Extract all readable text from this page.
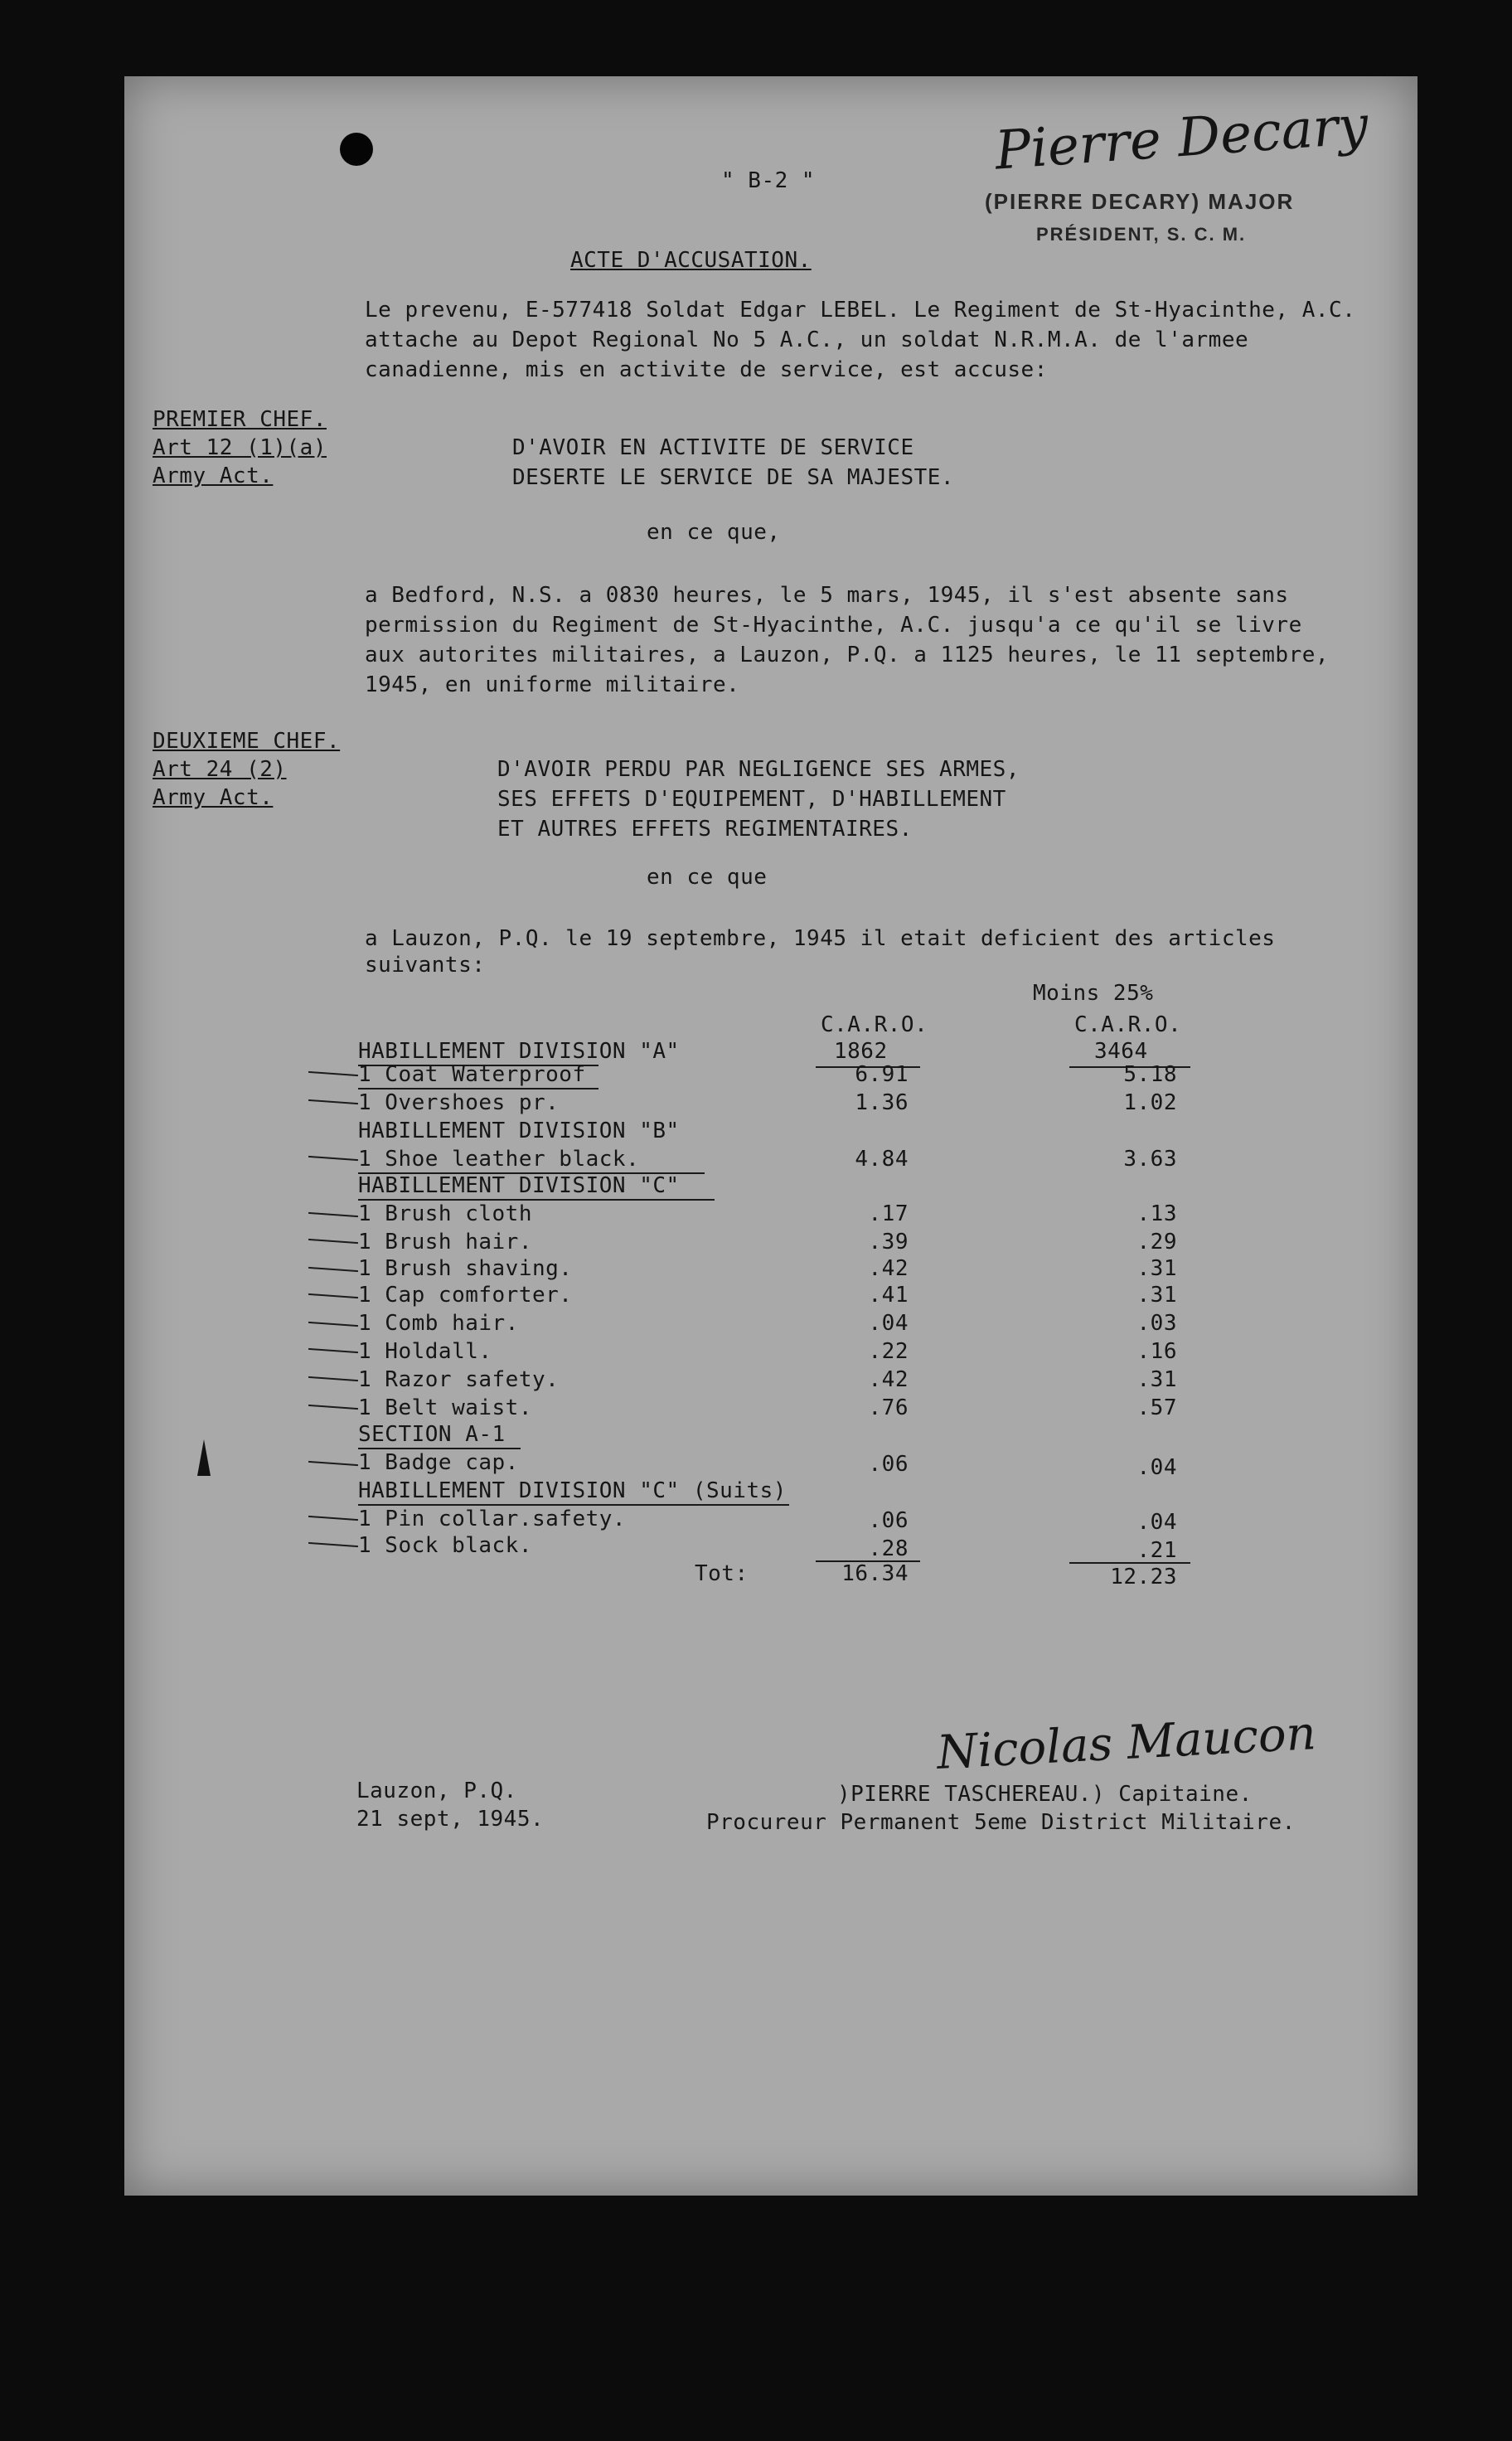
" B-2 "	Pierre Decary
(PIERRE DECARY) MAJOR
PRÉSIDENT, S. C. M.
ACTE D'ACCUSATION.
Le prevenu, E-577418 Soldat Edgar LEBEL. Le Regiment de St-Hyacinthe, A.C.
attache au Depot Regional No 5 A.C., un soldat N.R.M.A. de l'armee
canadienne, mis en activite de service, est accuse:
PREMIER CHEF.
Art 12 (1)(a)
Army Act.
D'AVOIR EN ACTIVITE DE SERVICE
DESERTE LE SERVICE DE SA MAJESTE.
en ce que,
a Bedford, N.S. a 0830 heures, le 5 mars, 1945, il s'est absente sans
permission du Regiment de St-Hyacinthe, A.C. jusqu'a ce qu'il se livre
aux autorites militaires, a Lauzon, P.Q. a 1125 heures, le 11 septembre,
1945, en uniforme militaire.
DEUXIEME CHEF.
Art 24 (2)
Army Act.
D'AVOIR PERDU PAR NEGLIGENCE SES ARMES,
SES EFFETS D'EQUIPEMENT, D'HABILLEMENT
ET AUTRES EFFETS REGIMENTAIRES.
en ce que
a Lauzon, P.Q. le 19 septembre, 1945 il etait deficient des articles
suivants:
Moins 25%
C.A.R.O.	C.A.R.O.
1862	3464
HABILLEMENT DIVISION "A"
1 Coat Waterproof	6.91	5.18
1 Overshoes pr.	1.36	1.02
HABILLEMENT DIVISION "B"
1 Shoe leather black.	4.84	3.63
HABILLEMENT DIVISION "C"
1 Brush cloth	.17	.13
1 Brush hair.	.39	.29
1 Brush shaving.	.42	.31
1 Cap comforter.	.41	.31
1 Comb hair.	.04	.03
1 Holdall.	.22	.16
1 Razor safety.	.42	.31
1 Belt waist.	.76	.57
SECTION A-1
1 Badge cap.	.06	.04
HABILLEMENT DIVISION "C" (Suits)
1 Pin collar.safety.	.06	.04
1 Sock black.	.28	.21
Tot:	16.34	12.23
Lauzon, P.Q.
21 sept, 1945.
Nicolas Maucon
)PIERRE TASCHEREAU.) Capitaine.
Procureur Permanent 5eme District Militaire.
